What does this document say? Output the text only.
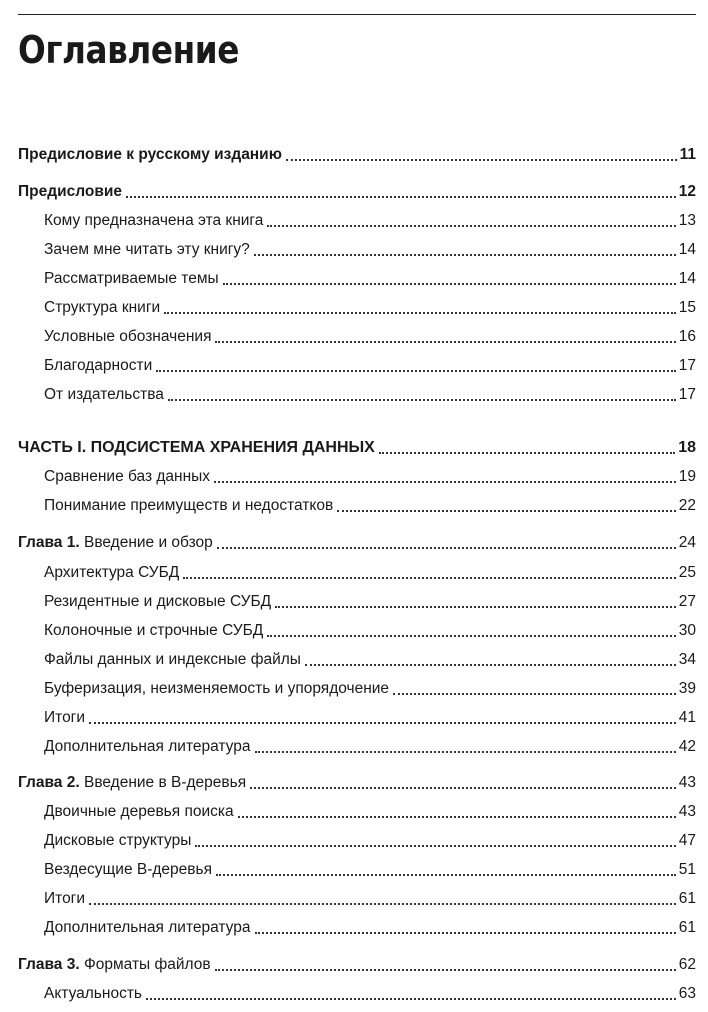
Оглавление
Предисловие к русскому изданию	11
Предисловие	12
Кому предназначена эта книга	13
Зачем мне читать эту книгу?	14
Рассматриваемые темы	14
Структура книги	15
Условные обозначения	16
Благодарности	17
От издательства	17
ЧАСТЬ I. ПОДСИСТЕМА ХРАНЕНИЯ ДАННЫХ	18
Сравнение баз данных	19
Понимание преимуществ и недостатков	22
Глава 1. Введение и обзор	24
Архитектура СУБД	25
Резидентные и дисковые СУБД	27
Колоночные и строчные СУБД	30
Файлы данных и индексные файлы	34
Буферизация, неизменяемость и упорядочение	39
Итоги	41
Дополнительная литература	42
Глава 2. Введение в B-деревья	43
Двоичные деревья поиска	43
Дисковые структуры	47
Вездесущие B-деревья	51
Итоги	61
Дополнительная литература	61
Глава 3. Форматы файлов	62
Актуальность	63
